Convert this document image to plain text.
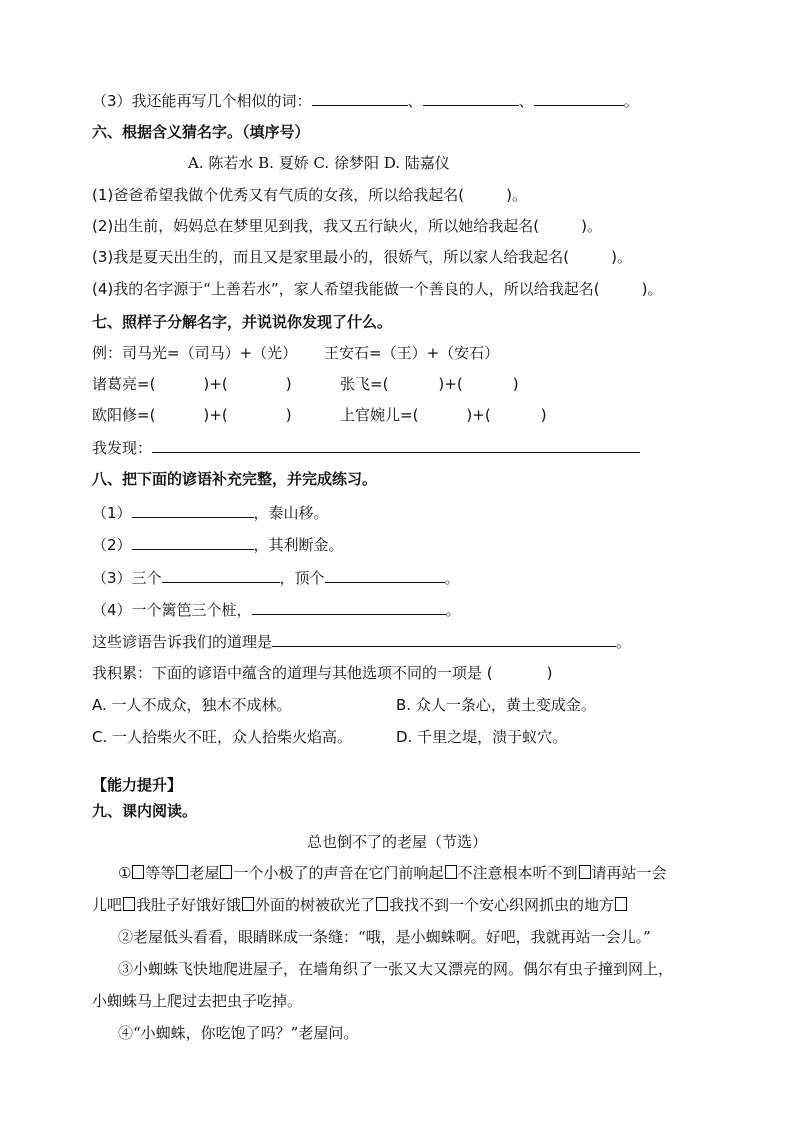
（3）我还能再写几个相似的词：	、	、	。
六、根据含义猜名字。（填序号）
A. 陈若水 B. 夏娇 C. 徐梦阳 D. 陆嘉仪
(1)爸爸希望我做个优秀又有气质的女孩，所以给我起名(	)。
(2)出生前，妈妈总在梦里见到我，我又五行缺火，所以她给我起名(	)。
(3)我是夏天出生的，而且又是家里最小的，很娇气，所以家人给我起名(	)。
(4)我的名字源于“上善若水”，家人希望我能做一个善良的人，所以给我起名(	)。
七、照样子分解名字，并说说你发现了什么。
例：司马光=（司马）+（光） 王安石=（王）+（安石）
诸葛亮=(	)+(	)	张飞=(	)+(	)
欧阳修=(	)+(	)	上官婉儿=(	)+(	)
我发现：
八、把下面的谚语补充完整，并完成练习。
（1）	，泰山移。
（2）	，其利断金。
（3）三个	，顶个	。
（4）一个篱笆三个桩，	。
这些谚语告诉我们的道理是	。
我积累：下面的谚语中蕴含的道理与其他选项不同的一项是 (	)
A. 一人不成众，独木不成林。	B. 众人一条心，黄土变成金。
C. 一人拾柴火不旺，众人拾柴火焰高。	D. 千里之堤，溃于蚁穴。
【能力提升】
九、课内阅读。
总也倒不了的老屋（节选）
① 等等 老屋 一个小极了的声音在它门前响起 不注意根本听不到 请再站一会
儿吧 我肚子好饿好饿 外面的树被砍光了 我找不到一个安心织网抓虫的地方
②老屋低头看看，眼睛眯成一条缝：“哦，是小蜘蛛啊。好吧，我就再站一会儿。”
③小蜘蛛飞快地爬进屋子，在墙角织了一张又大又漂亮的网。偶尔有虫子撞到网上，
小蜘蛛马上爬过去把虫子吃掉。
④“小蜘蛛，你吃饱了吗？”老屋问。
